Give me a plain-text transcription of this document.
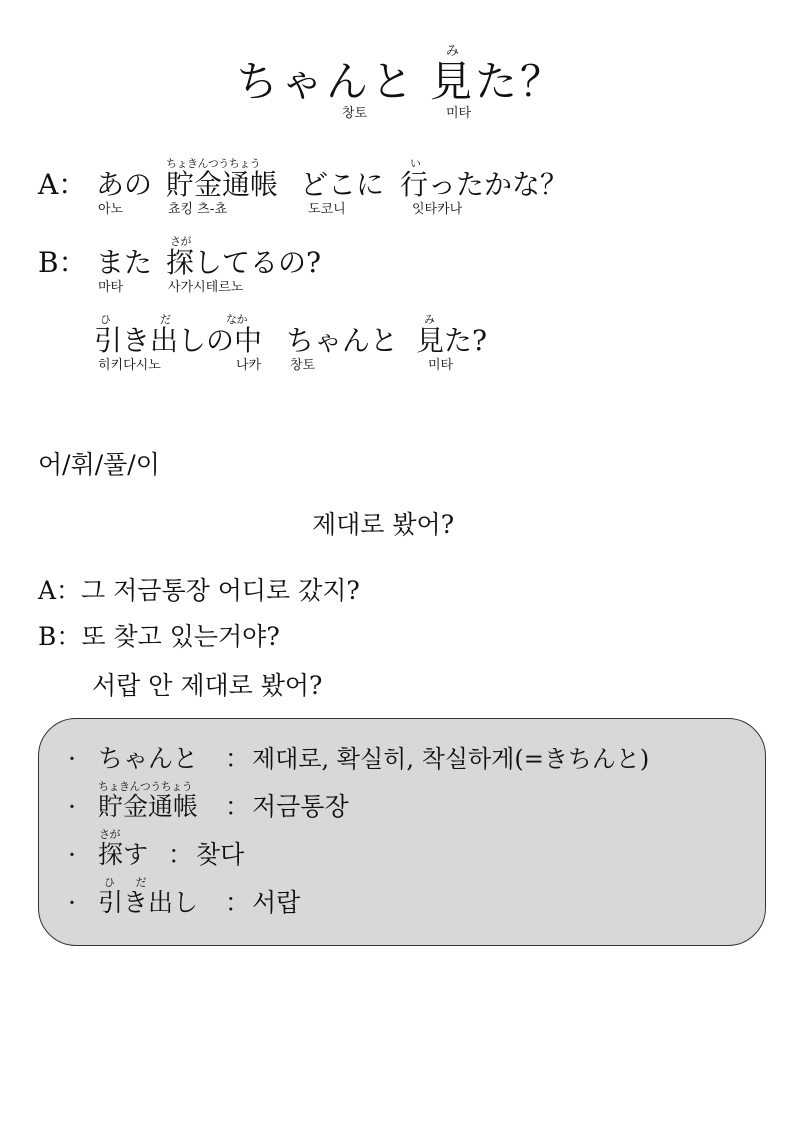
ちゃんと
み
見た？
창토	미타
ちょきんつうちょう	い
A： あの 貯金通帳 どこに 行ったかな？
아노	쵸킹 츠-쵸	도코니	잇타카나
さが
B： また 探してるの?
마타	사가시테르노
ひ	だ	なか	み
引き出しの中 ちゃんと 見た?
히키다시노	나카 창토	미타
어/휘/풀/이
제대로 봤어?
A：그 저금통장 어디로 갔지?
B：또 찾고 있는거야?
서랍 안 제대로 봤어?
· ちゃんと ： 제대로, 확실히, 착실하게(=きちんと)
ちょきんつうちょう
· 貯金通帳 ： 저금통장
さが
· 探す ： 찾다
ひ　　だ
· 引き出し ： 서랍
